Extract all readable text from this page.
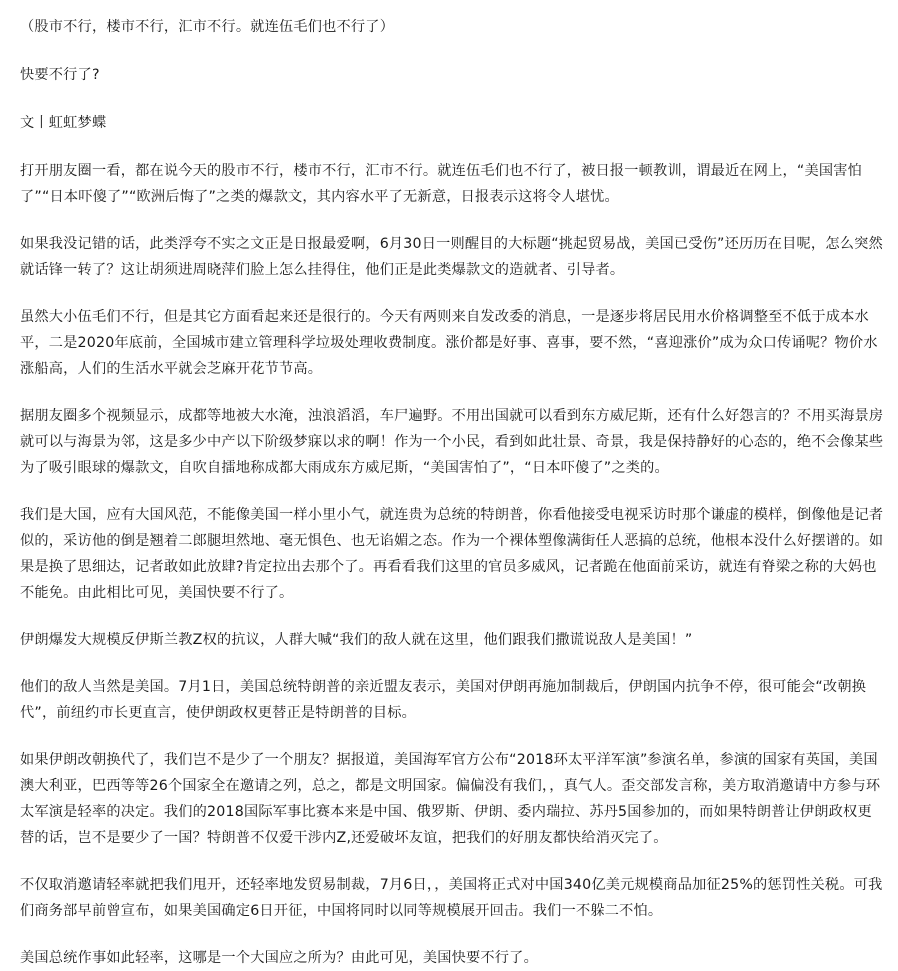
（股市不行，楼市不行，汇市不行。就连伍毛们也不行了）

快要不行了?

文丨虹虹梦蝶

打开朋友圈一看，都在说今天的股市不行，楼市不行，汇市不行。就连伍毛们也不行了，被日报一顿教训，谓最近在网上，“美国害怕了”“日本吓傻了”“欧洲后悔了”之类的爆款文，其内容水平了无新意，日报表示这将令人堪忧。

如果我没记错的话，此类浮夸不实之文正是日报最爱啊，6月30日一则醒目的大标题“挑起贸易战，美国已受伤”还历历在目呢，怎么突然就话锋一转了？这让胡须进周晓萍们脸上怎么挂得住，他们正是此类爆款文的造就者、引导者。

虽然大小伍毛们不行，但是其它方面看起来还是很行的。今天有两则来自发改委的消息，一是逐步将居民用水价格调整至不低于成本水平，二是2020年底前，全国城市建立管理科学垃圾处理收费制度。涨价都是好事、喜事，要不然，“喜迎涨价”成为众口传诵呢？物价水涨船高，人们的生活水平就会芝麻开花节节高。

据朋友圈多个视频显示，成都等地被大水淹，浊浪滔滔，车尸遍野。不用出国就可以看到东方威尼斯，还有什么好怨言的？不用买海景房就可以与海景为邻，这是多少中产以下阶级梦寐以求的啊！作为一个小民，看到如此壮景、奇景，我是保持静好的心态的，绝不会像某些为了吸引眼球的爆款文，自吹自擂地称成都大雨成东方威尼斯，“美国害怕了”，“日本吓傻了”之类的。

我们是大国，应有大国风范，不能像美国一样小里小气，就连贵为总统的特朗普，你看他接受电视采访时那个谦虚的模样，倒像他是记者似的，采访他的倒是翘着二郎腿坦然地、毫无惧色、也无谄媚之态。作为一个裸体塑像满街任人恶搞的总统，他根本没什么好摆谱的。如果是换了思细达，记者敢如此放肆?肯定拉出去那个了。再看看我们这里的官员多威风，记者跪在他面前采访，就连有脊梁之称的大妈也不能免。由此相比可见，美国快要不行了。

伊朗爆发大规模反伊斯兰教Z权的抗议，人群大喊“我们的敌人就在这里，他们跟我们撒谎说敌人是美国！”

他们的敌人当然是美国。7月1日，美国总统特朗普的亲近盟友表示，美国对伊朗再施加制裁后，伊朗国内抗争不停，很可能会“改朝换代”，前纽约市长更直言，使伊朗政权更替正是特朗普的目标。

如果伊朗改朝换代了，我们岂不是少了一个朋友？据报道，美国海军官方公布“2018环太平洋军演”参演名单，参演的国家有英国，美国澳大利亚，巴西等等26个国家全在邀请之列，总之，都是文明国家。偏偏没有我们，，真气人。歪交部发言称，美方取消邀请中方参与环太军演是轻率的决定。我们的2018国际军事比赛本来是中国、俄罗斯、伊朗、委内瑞拉、苏丹5国参加的，而如果特朗普让伊朗政权更替的话，岂不是要少了一国？特朗普不仅爱干涉内Z,还爱破坏友谊，把我们的好朋友都快给消灭完了。

不仅取消邀请轻率就把我们甩开，还轻率地发贸易制裁，7月6日，，美国将正式对中国340亿美元规模商品加征25%的惩罚性关税。可我们商务部早前曾宣布，如果美国确定6日开征，中国将同时以同等规模展开回击。我们一不躲二不怕。

美国总统作事如此轻率，这哪是一个大国应之所为？由此可见，美国快要不行了。
